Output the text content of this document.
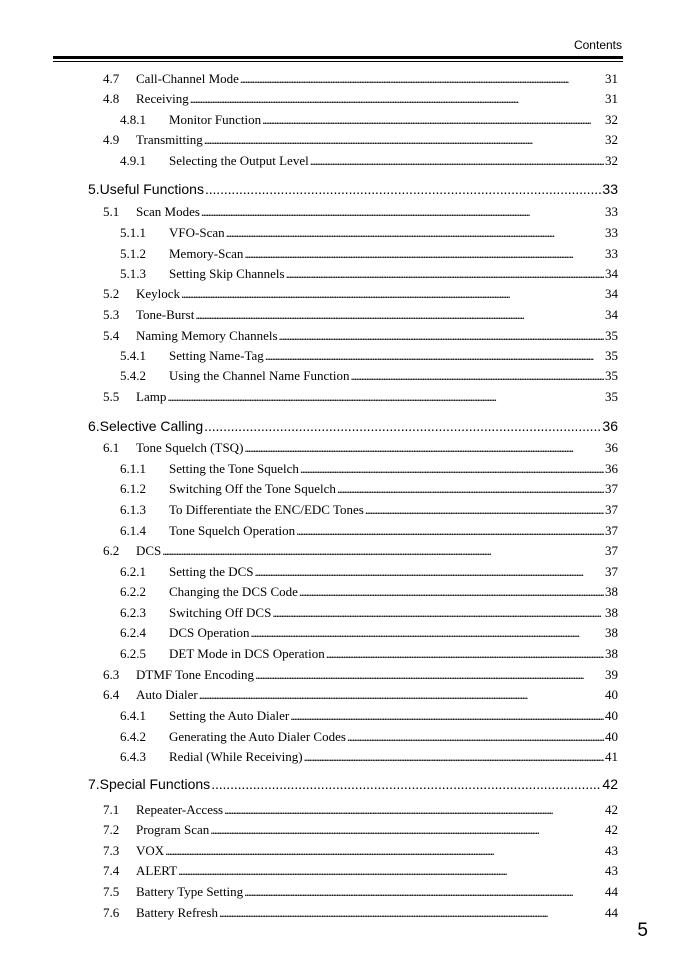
Contents
4.7	Call-Channel Mode . . .	31
4.8	Receiving . . .	31
4.8.1	Monitor Function . . .	32
4.9	Transmitting . . .	32
4.9.1	Selecting the Output Level . . .	32
5.Useful Functions . . .	33
5.1	Scan Modes . . .	33
5.1.1	VFO-Scan . . .	33
5.1.2	Memory-Scan . . .	33
5.1.3	Setting Skip Channels . . .	34
5.2	Keylock . . .	34
5.3	Tone-Burst . . .	34
5.4	Naming Memory Channels . . .	35
5.4.1	Setting Name-Tag . . .	35
5.4.2	Using the Channel Name Function . . .	35
5.5	Lamp . . .	35
6.Selective Calling . . .	36
6.1	Tone Squelch (TSQ) . . .	36
6.1.1	Setting the Tone Squelch . . .	36
6.1.2	Switching Off the Tone Squelch . . .	37
6.1.3	To Differentiate the ENC/EDC Tones . . .	37
6.1.4	Tone Squelch Operation . . .	37
6.2	DCS . . .	37
6.2.1	Setting the DCS . . .	37
6.2.2	Changing the DCS Code . . .	38
6.2.3	Switching Off DCS . . .	38
6.2.4	DCS Operation . . .	38
6.2.5	DET Mode in DCS Operation . . .	38
6.3	DTMF Tone Encoding . . .	39
6.4	Auto Dialer . . .	40
6.4.1	Setting the Auto Dialer . . .	40
6.4.2	Generating the Auto Dialer Codes . . .	40
6.4.3	Redial (While Receiving) . . .	41
7.Special Functions . . .	42
7.1	Repeater-Access . . .	42
7.2	Program Scan . . .	42
7.3	VOX . . .	43
7.4	ALERT . . .	43
7.5	Battery Type Setting . . .	44
7.6	Battery Refresh . . .	44
5
